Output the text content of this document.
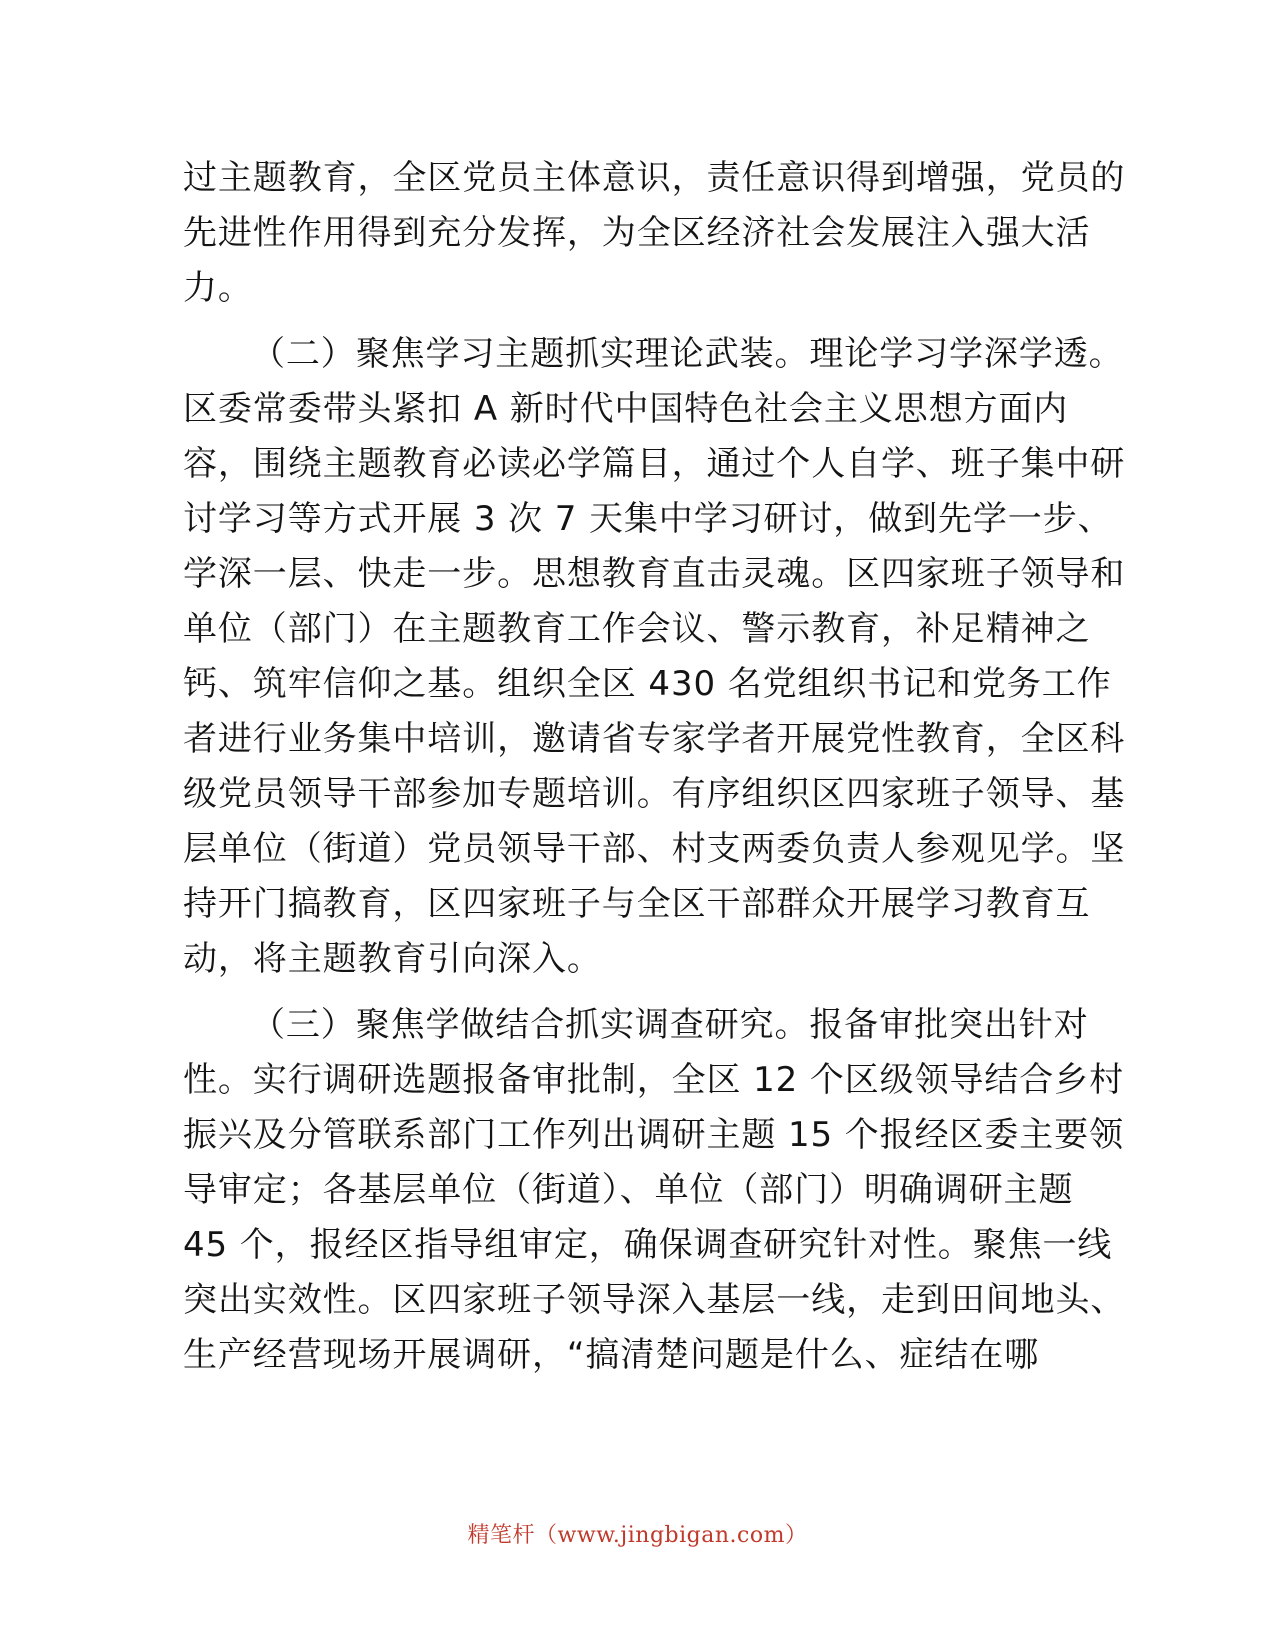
过主题教育，全区党员主体意识，责任意识得到增强，党员的
先进性作用得到充分发挥，为全区经济社会发展注入强大活
力。
（二）聚焦学习主题抓实理论武装。理论学习学深学透。
区委常委带头紧扣 A 新时代中国特色社会主义思想方面内
容，围绕主题教育必读必学篇目，通过个人自学、班子集中研
讨学习等方式开展 3 次 7 天集中学习研讨，做到先学一步、
学深一层、快走一步。思想教育直击灵魂。区四家班子领导和
单位（部门）在主题教育工作会议、警示教育，补足精神之
钙、筑牢信仰之基。组织全区 430 名党组织书记和党务工作
者进行业务集中培训，邀请省专家学者开展党性教育，全区科
级党员领导干部参加专题培训。有序组织区四家班子领导、基
层单位（街道）党员领导干部、村支两委负责人参观见学。坚
持开门搞教育，区四家班子与全区干部群众开展学习教育互
动，将主题教育引向深入。
（三）聚焦学做结合抓实调查研究。报备审批突出针对
性。实行调研选题报备审批制，全区 12 个区级领导结合乡村
振兴及分管联系部门工作列出调研主题 15 个报经区委主要领
导审定；各基层单位（街道）、单位（部门）明确调研主题
45 个，报经区指导组审定，确保调查研究针对性。聚焦一线
突出实效性。区四家班子领导深入基层一线，走到田间地头、
生产经营现场开展调研，“搞清楚问题是什么、症结在哪
精笔杆（www.jingbigan.com）
